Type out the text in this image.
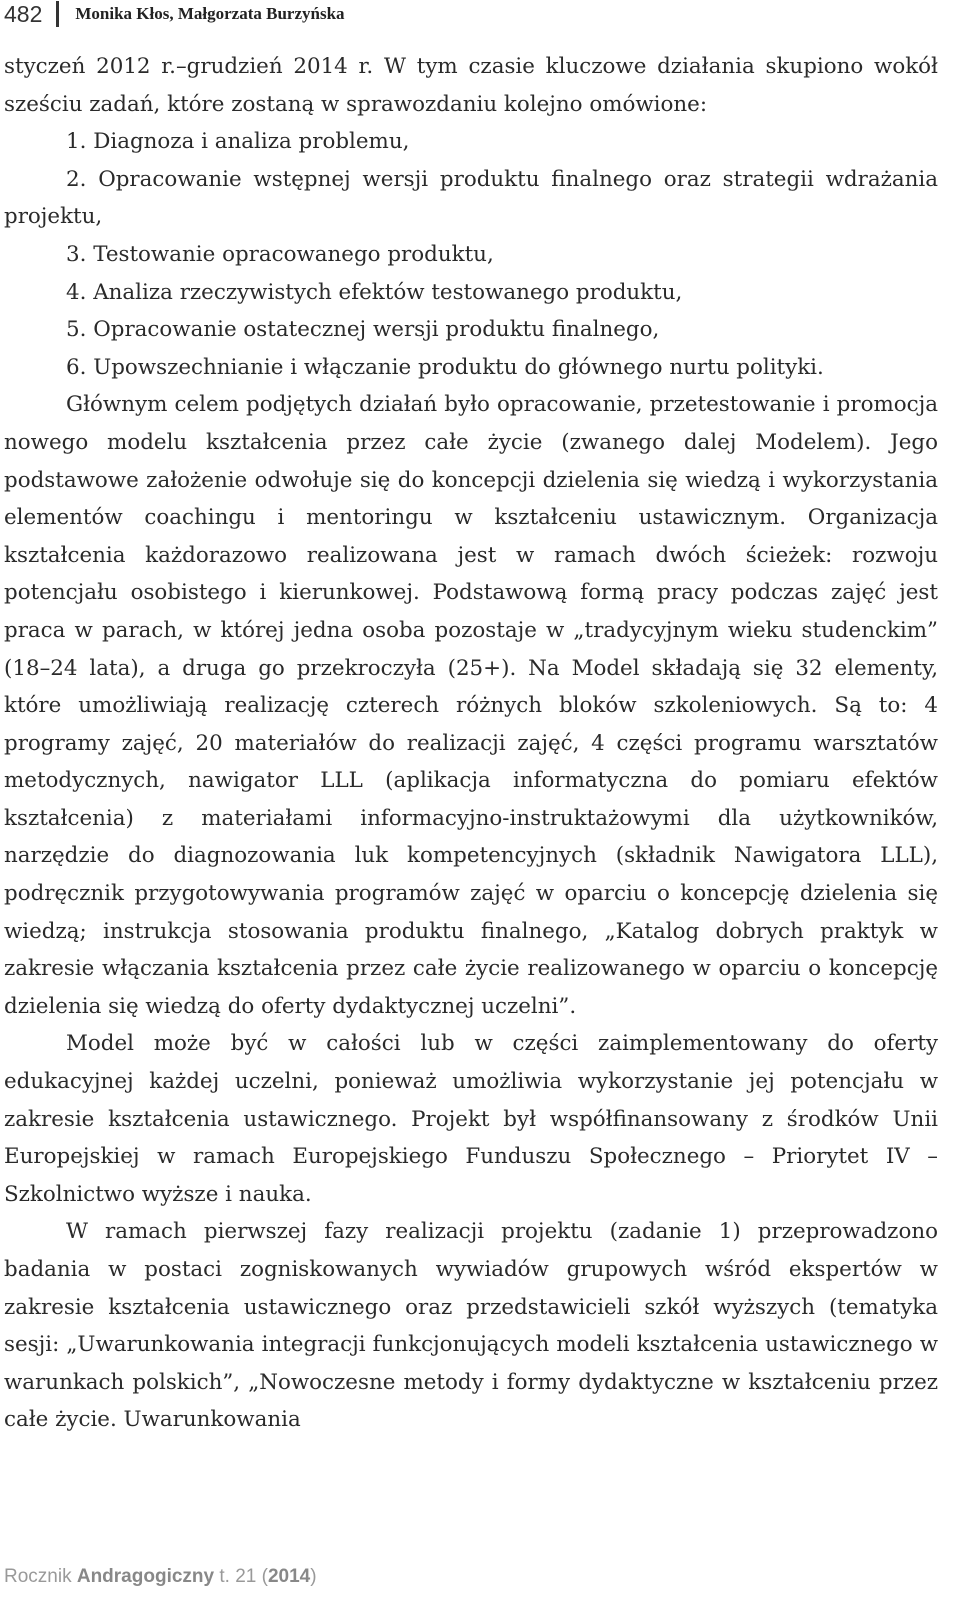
482 Monika Kłos, Małgorzata Burzyńska

styczeń 2012 r.–grudzień 2014 r. W tym czasie kluczowe działania skupiono wokół sześciu zadań, które zostaną w sprawozdaniu kolejno omówione:

1. Diagnoza i analiza problemu,

2. Opracowanie wstępnej wersji produktu finalnego oraz strategii wdrażania projektu,

3. Testowanie opracowanego produktu,

4. Analiza rzeczywistych efektów testowanego produktu,

5. Opracowanie ostatecznej wersji produktu finalnego,

6. Upowszechnianie i włączanie produktu do głównego nurtu polityki.

Głównym celem podjętych działań było opracowanie, przetestowanie i promocja nowego modelu kształcenia przez całe życie (zwanego dalej Modelem). Jego podstawowe założenie odwołuje się do koncepcji dzielenia się wiedzą i wykorzystania elementów coachingu i mentoringu w kształceniu ustawicznym. Organizacja kształcenia każdorazowo realizowana jest w ramach dwóch ścieżek: rozwoju potencjału osobistego i kierunkowej. Podstawową formą pracy podczas zajęć jest praca w parach, w której jedna osoba pozostaje w „tradycyjnym wieku studenckim” (18–24 lata), a druga go przekroczyła (25+). Na Model składają się 32 elementy, które umożliwiają realizację czterech różnych bloków szkoleniowych. Są to: 4 programy zajęć, 20 materiałów do realizacji zajęć, 4 części programu warsztatów metodycznych, nawigator LLL (aplikacja informatyczna do pomiaru efektów kształcenia) z materiałami informacyjno-instruktażowymi dla użytkowników, narzędzie do diagnozowania luk kompetencyjnych (składnik Nawigatora LLL), podręcznik przygotowywania programów zajęć w oparciu o koncepcję dzielenia się wiedzą; instrukcja stosowania produktu finalnego, „Katalog dobrych praktyk w zakresie włączania kształcenia przez całe życie realizowanego w oparciu o koncepcję dzielenia się wiedzą do oferty dydaktycznej uczelni”.

Model może być w całości lub w części zaimplementowany do oferty edukacyjnej każdej uczelni, ponieważ umożliwia wykorzystanie jej potencjału w zakresie kształcenia ustawicznego. Projekt był współfinansowany z środków Unii Europejskiej w ramach Europejskiego Funduszu Społecznego – Priorytet IV – Szkolnictwo wyższe i nauka.

W ramach pierwszej fazy realizacji projektu (zadanie 1) przeprowadzono badania w postaci zogniskowanych wywiadów grupowych wśród ekspertów w zakresie kształcenia ustawicznego oraz przedstawicieli szkół wyższych (tematyka sesji: „Uwarunkowania integracji funkcjonujących modeli kształcenia ustawicznego w warunkach polskich”, „Nowoczesne metody i formy dydaktyczne w kształceniu przez całe życie. Uwarunkowania

Rocznik Andragogiczny t. 21 (2014)
